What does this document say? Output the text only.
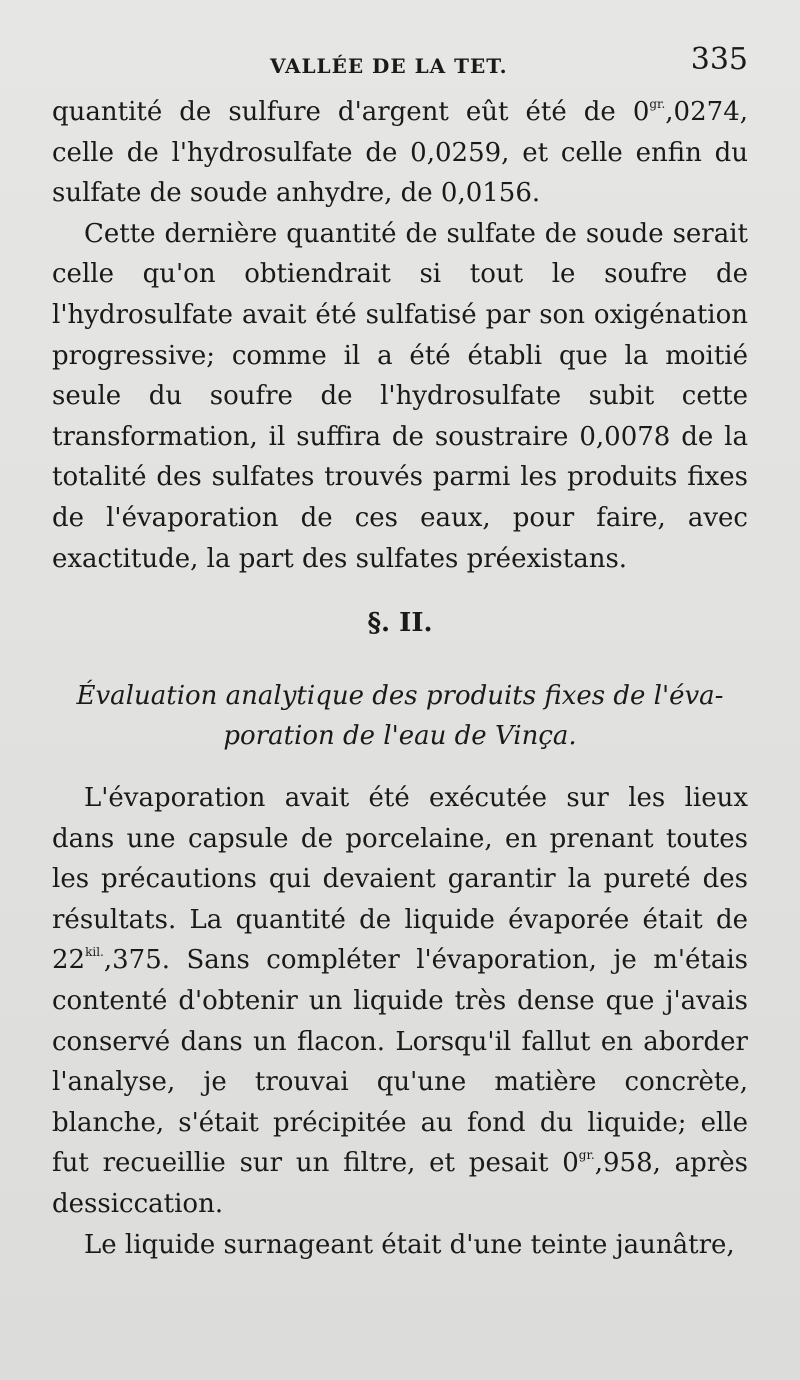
VALLÉE DE LA TET.	335

quantité de sulfure d'argent eût été de $0^{gr.},0274$, celle de l'hydrosulfate de 0,0259, et celle enfin du sulfate de soude anhydre, de 0,0156.

Cette dernière quantité de sulfate de soude serait celle qu'on obtiendrait si tout le soufre de l'hydrosulfate avait été sulfatisé par son oxigénation progressive; comme il a été établi que la moitié seule du soufre de l'hydrosulfate subit cette transformation, il suffira de soustraire 0,0078 de la totalité des sulfates trouvés parmi les produits fixes de l'évaporation de ces eaux, pour faire, avec exactitude, la part des sulfates préexistans.

§. II.
Évaluation analytique des produits fixes de l'éva-
poration de l'eau de Vinça.

L'évaporation avait été exécutée sur les lieux dans une capsule de porcelaine, en prenant toutes les précautions qui devaient garantir la pureté des résultats. La quantité de liquide évaporée était de $22^{kil.},375$. Sans compléter l'évaporation, je m'étais contenté d'obtenir un liquide très dense que j'avais conservé dans un flacon. Lorsqu'il fallut en aborder l'analyse, je trouvai qu'une matière concrète, blanche, s'était précipitée au fond du liquide; elle fut recueillie sur un filtre, et pesait $0^{gr.},958$, après dessiccation.

Le liquide surnageant était d'une teinte jaunâtre,
